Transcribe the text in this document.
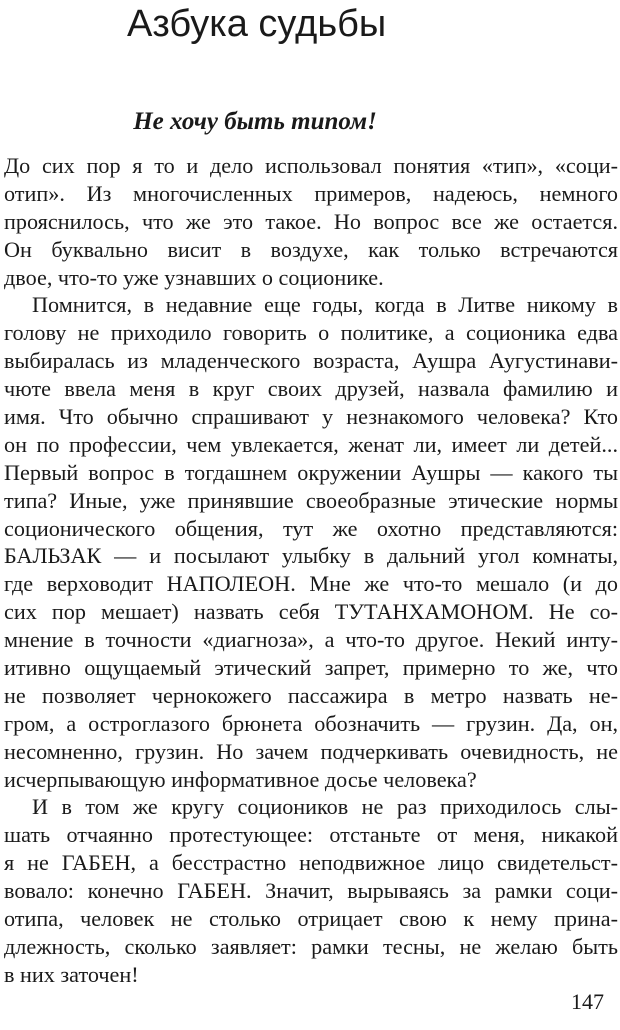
Азбука судьбы
Не хочу быть типом!
До сих пор я то и дело использовал понятия «тип», «соци-
отип». Из многочисленных примеров, надеюсь, немного
прояснилось, что же это такое. Но вопрос все же остается.
Он буквально висит в воздухе, как только встречаются
двое, что-то уже узнавших о соционике.
Помнится, в недавние еще годы, когда в Литве никому в
голову не приходило говорить о политике, а соционика едва
выбиралась из младенческого возраста, Аушра Аугустинави-
чюте ввела меня в круг своих друзей, назвала фамилию и
имя. Что обычно спрашивают у незнакомого человека? Кто
он по профессии, чем увлекается, женат ли, имеет ли детей...
Первый вопрос в тогдашнем окружении Аушры — какого ты
типа? Иные, уже принявшие своеобразные этические нормы
соционического общения, тут же охотно представляются:
БАЛЬЗАК — и посылают улыбку в дальний угол комнаты,
где верховодит НАПОЛЕОН. Мне же что-то мешало (и до
сих пор мешает) назвать себя ТУТАНХАМОНОМ. Не со-
мнение в точности «диагноза», а что-то другое. Некий инту-
итивно ощущаемый этический запрет, примерно то же, что
не позволяет чернокожего пассажира в метро назвать не-
гром, а остроглазого брюнета обозначить — грузин. Да, он,
несомненно, грузин. Но зачем подчеркивать очевидность, не
исчерпывающую информативное досье человека?
И в том же кругу социоников не раз приходилось слы-
шать отчаянно протестующее: отстаньте от меня, никакой
я не ГАБЕН, а бесстрастно неподвижное лицо свидетельст-
вовало: конечно ГАБЕН. Значит, вырываясь за рамки соци-
отипа, человек не столько отрицает свою к нему прина-
длежность, сколько заявляет: рамки тесны, не желаю быть
в них заточен!
147
